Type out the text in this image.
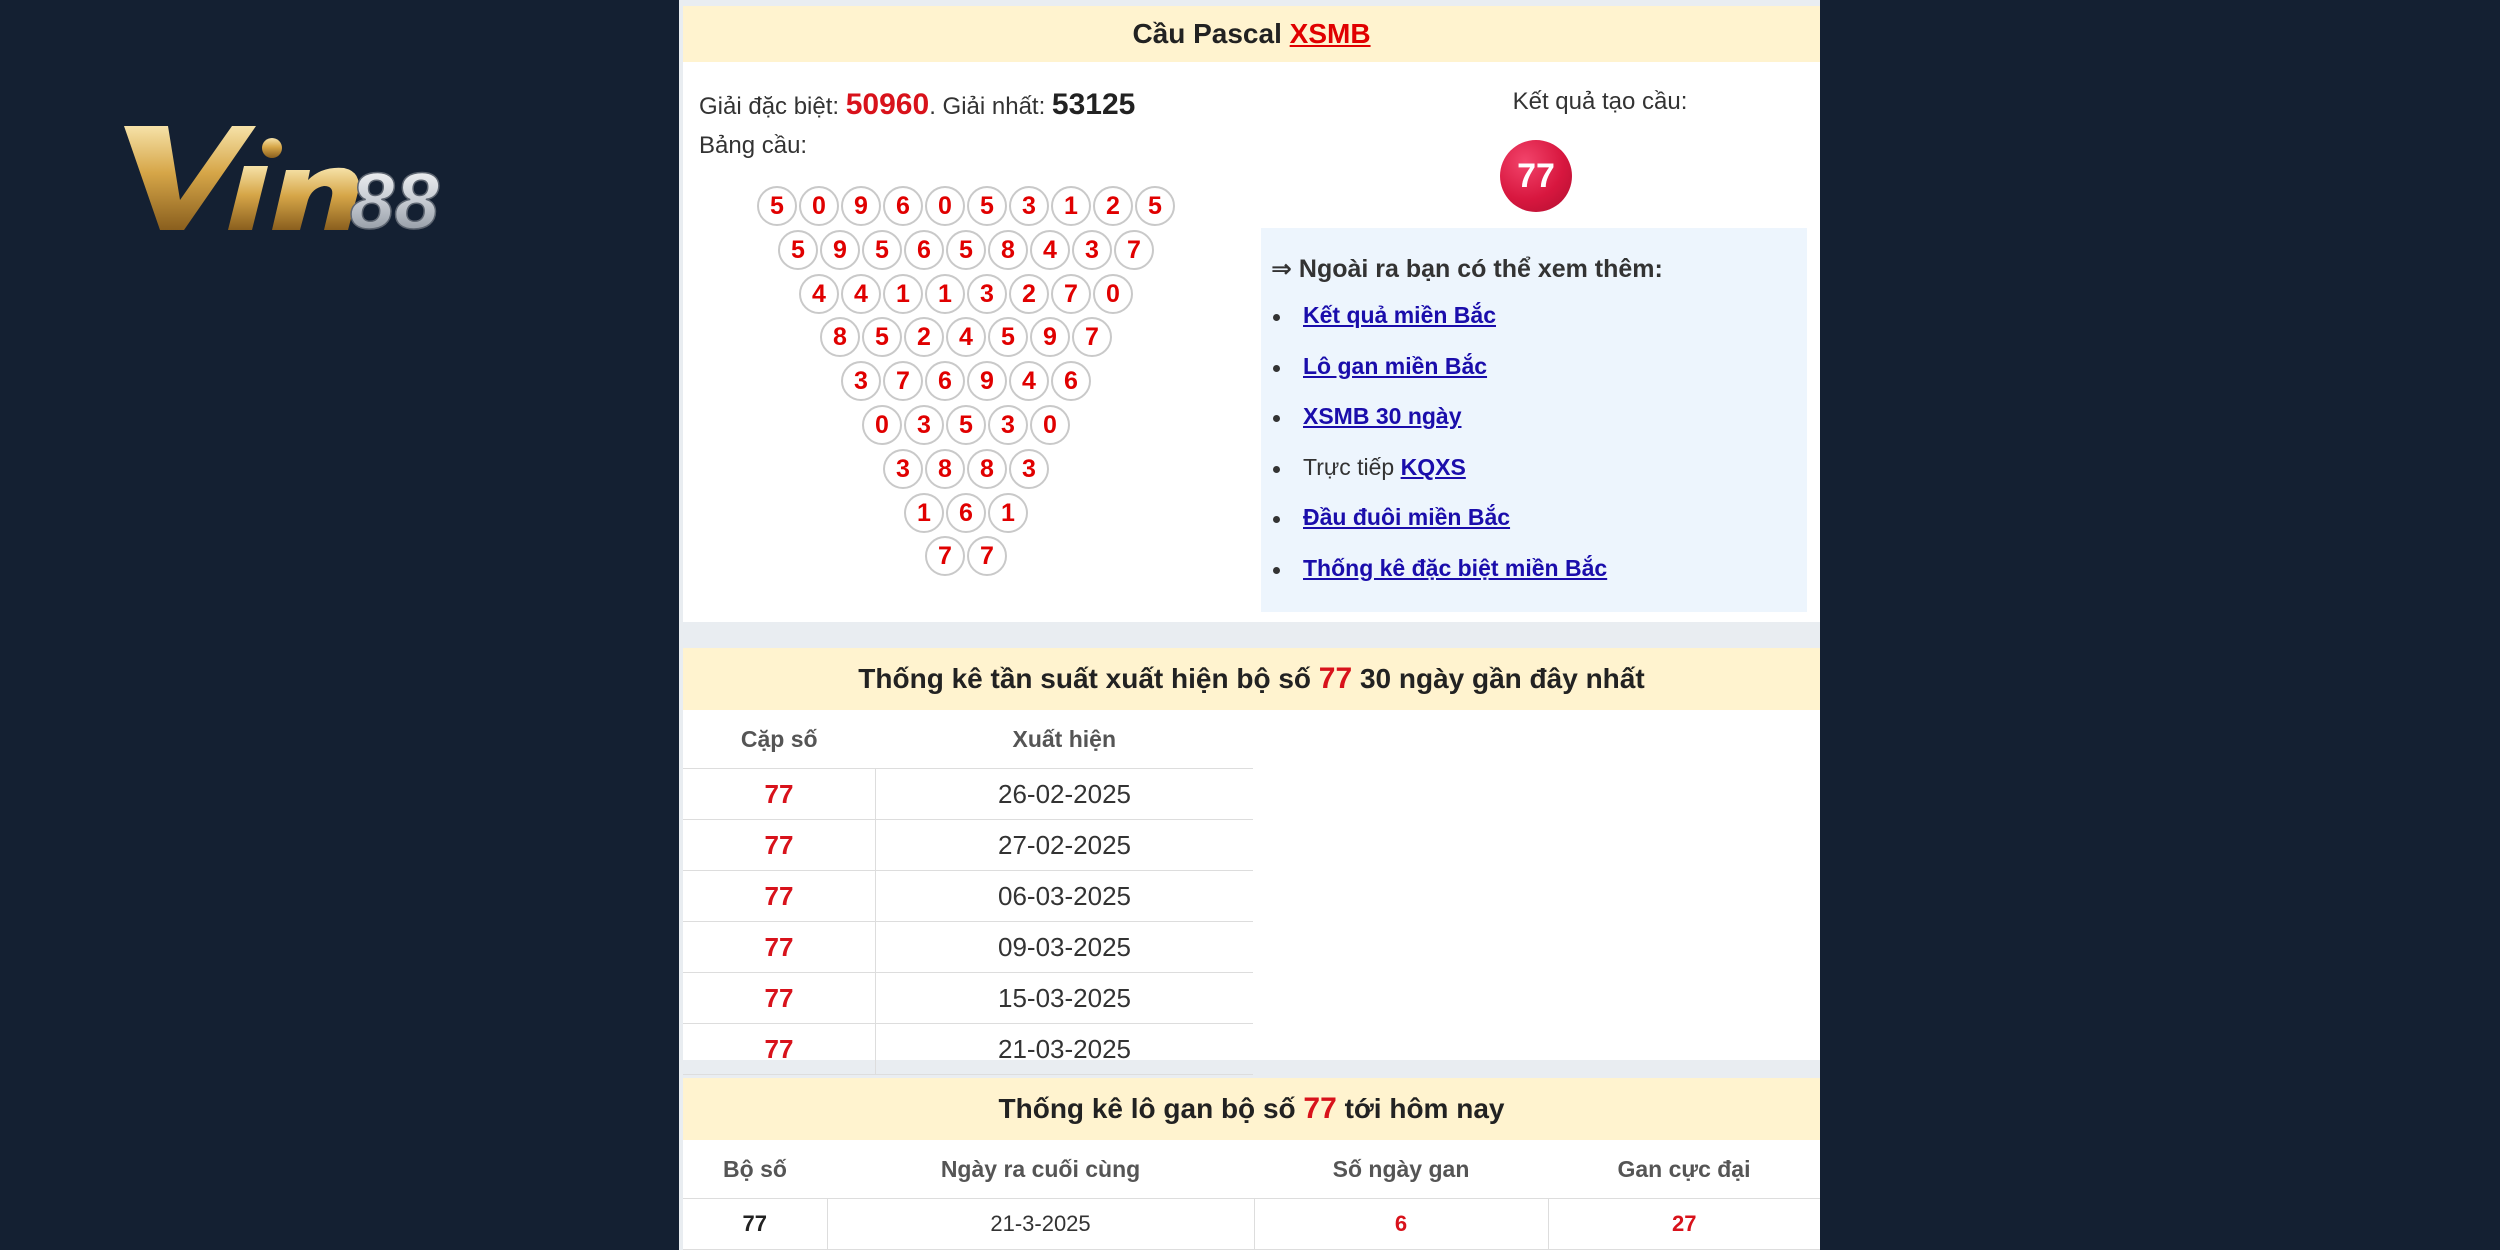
88
Cầu Pascal XSMB
Giải đặc biệt: 50960. Giải nhất: 53125
Bảng cầu:
5	0	9	6	0	5	3	1	2	5
5	9	5	6	5	8	4	3	7
4	4	1	1	3	2	7	0
8	5	2	4	5	9	7
3	7	6	9	4	6
0	3	5	3	0
3	8	8	3
1	6	1
7	7
Kết quả tạo cầu:
77
⇒ Ngoài ra bạn có thể xem thêm:
Kết quả miền Bắc
Lô gan miền Bắc
XSMB 30 ngày
Trực tiếp KQXS
Đầu đuôi miền Bắc
Thống kê đặc biệt miền Bắc
Thống kê tần suất xuất hiện bộ số 77 30 ngày gần đây nhất
Cặp số	Xuất hiện
77	26-02-2025
77	27-02-2025
77	06-03-2025
77	09-03-2025
77	15-03-2025
77	21-03-2025
Thống kê lô gan bộ số 77 tới hôm nay
Bộ số	Ngày ra cuối cùng	Số ngày gan	Gan cực đại
77	21-3-2025	6	27
